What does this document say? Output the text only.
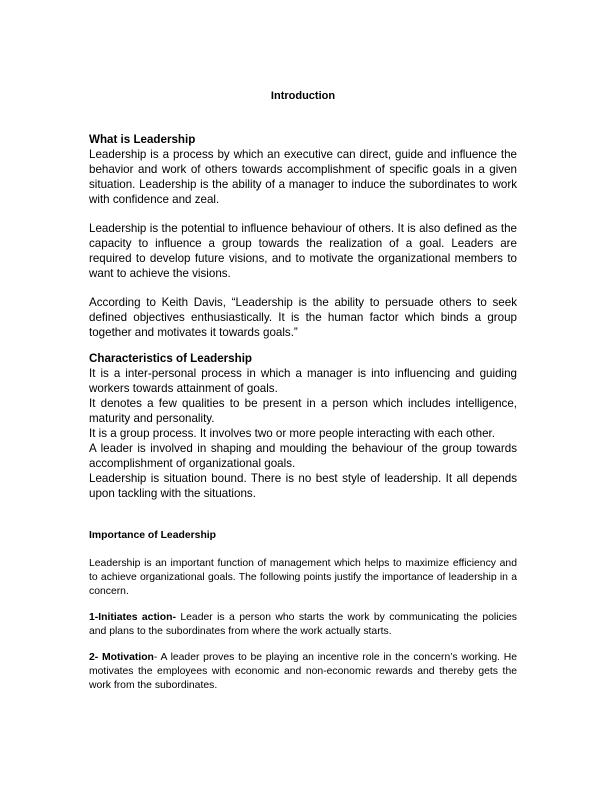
Introduction
What is Leadership

Leadership is a process by which an executive can direct, guide and influence the behavior and work of others towards accomplishment of specific goals in a given situation. Leadership is the ability of a manager to induce the subordinates to work with confidence and zeal.

Leadership is the potential to influence behaviour of others. It is also defined as the capacity to influence a group towards the realization of a goal. Leaders are required to develop future visions, and to motivate the organizational members to want to achieve the visions.

According to Keith Davis, “Leadership is the ability to persuade others to seek defined objectives enthusiastically. It is the human factor which binds a group together and motivates it towards goals.”

Characteristics of Leadership
It is a inter-personal process in which a manager is into influencing and guiding workers towards attainment of goals.
It denotes a few qualities to be present in a person which includes intelligence, maturity and personality.
It is a group process. It involves two or more people interacting with each other.
A leader is involved in shaping and moulding the behaviour of the group towards accomplishment of organizational goals.
Leadership is situation bound. There is no best style of leadership. It all depends upon tackling with the situations.
Importance of Leadership

Leadership is an important function of management which helps to maximize efficiency and to achieve organizational goals. The following points justify the importance of leadership in a concern.

1-Initiates action- Leader is a person who starts the work by communicating the policies and plans to the subordinates from where the work actually starts.

2- Motivation- A leader proves to be playing an incentive role in the concern’s working. He motivates the employees with economic and non-economic rewards and thereby gets the work from the subordinates.
